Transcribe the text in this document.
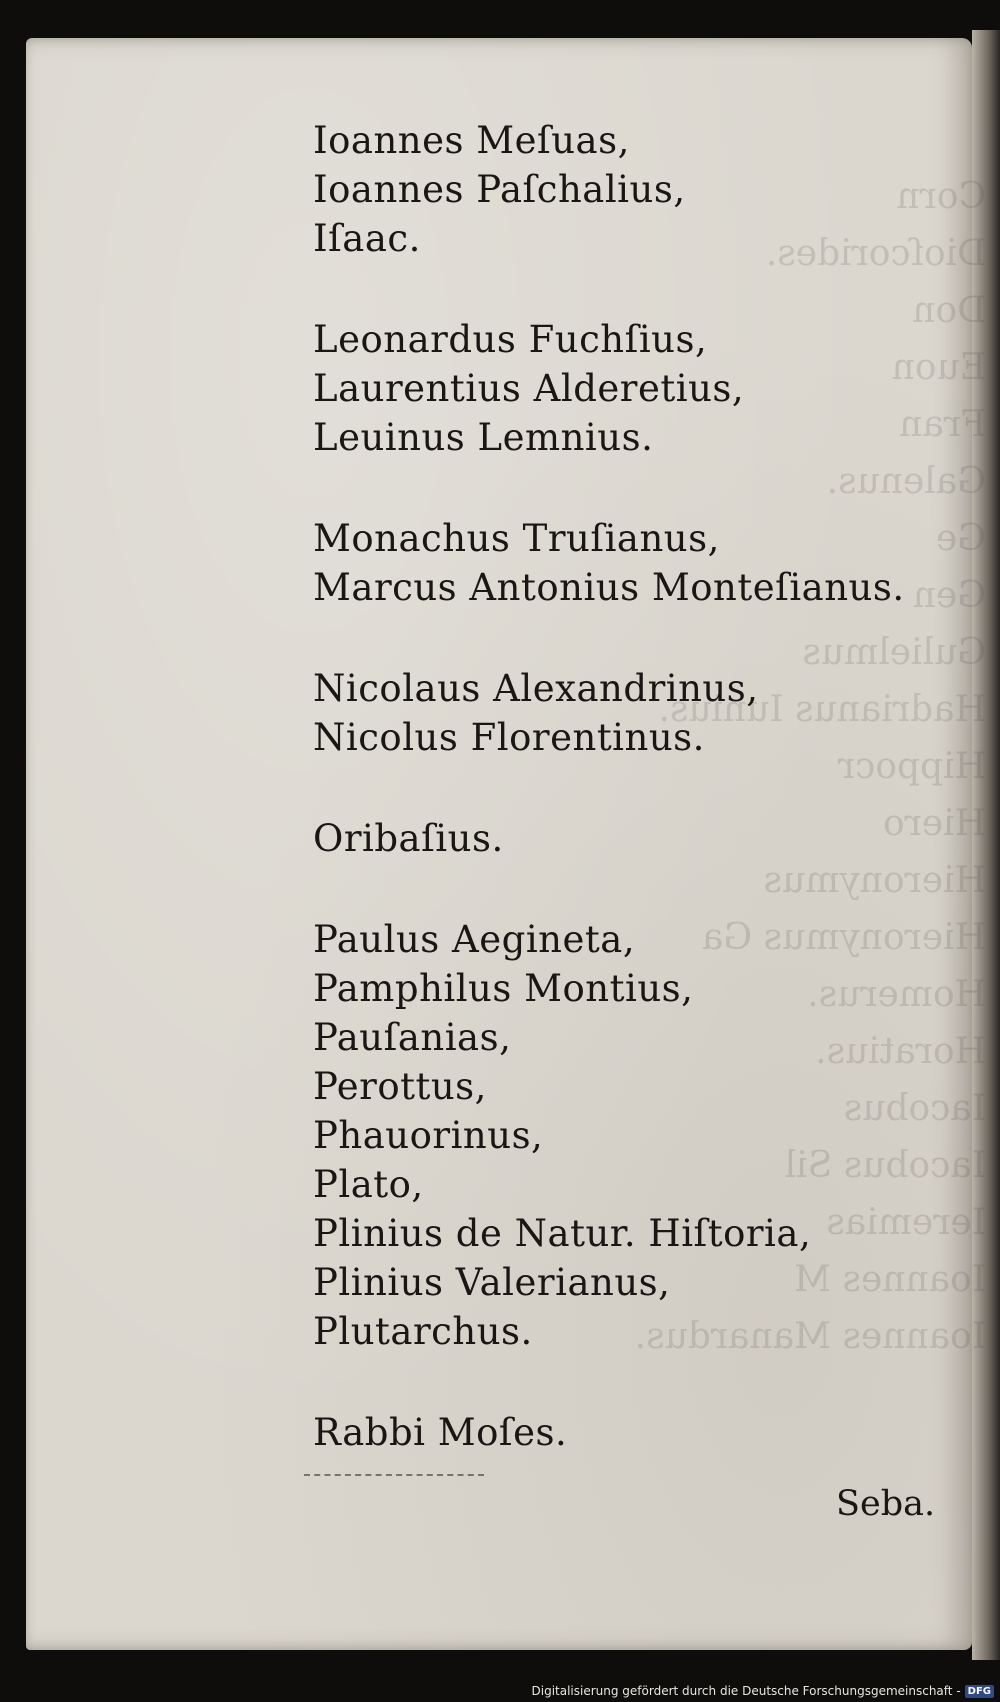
Corn
Dioſcorides.
Don
Euon
Fran
Galenus.
Ge
Gen
Gulielmus
Hadrianus Iunius.
Hippocr
Hiero
Hieronymus
Hieronymus Ga
Homerus.
Horatius.
Iacobus
Iacobus Sil
Ieremias
Ioannes M
Ioannes Manardus.
Ioannes Meſuas,
Ioannes Paſchalius,
Iſaac.
Leonardus Fuchſius,
Laurentius Alderetius,
Leuinus Lemnius.
Monachus Truſianus,
Marcus Antonius Monteſianus.
Nicolaus Alexandrinus,
Nicolus Florentinus.
Oribaſius.
Paulus Aegineta,
Pamphilus Montius,
Pauſanias,
Perottus,
Phauorinus,
Plato,
Plinius de Natur. Hiſtoria,
Plinius Valerianus,
Plutarchus.
Rabbi Moſes.
Seba.
Digitalisierung gefördert durch die Deutsche Forschungsgemeinschaft - DFG
